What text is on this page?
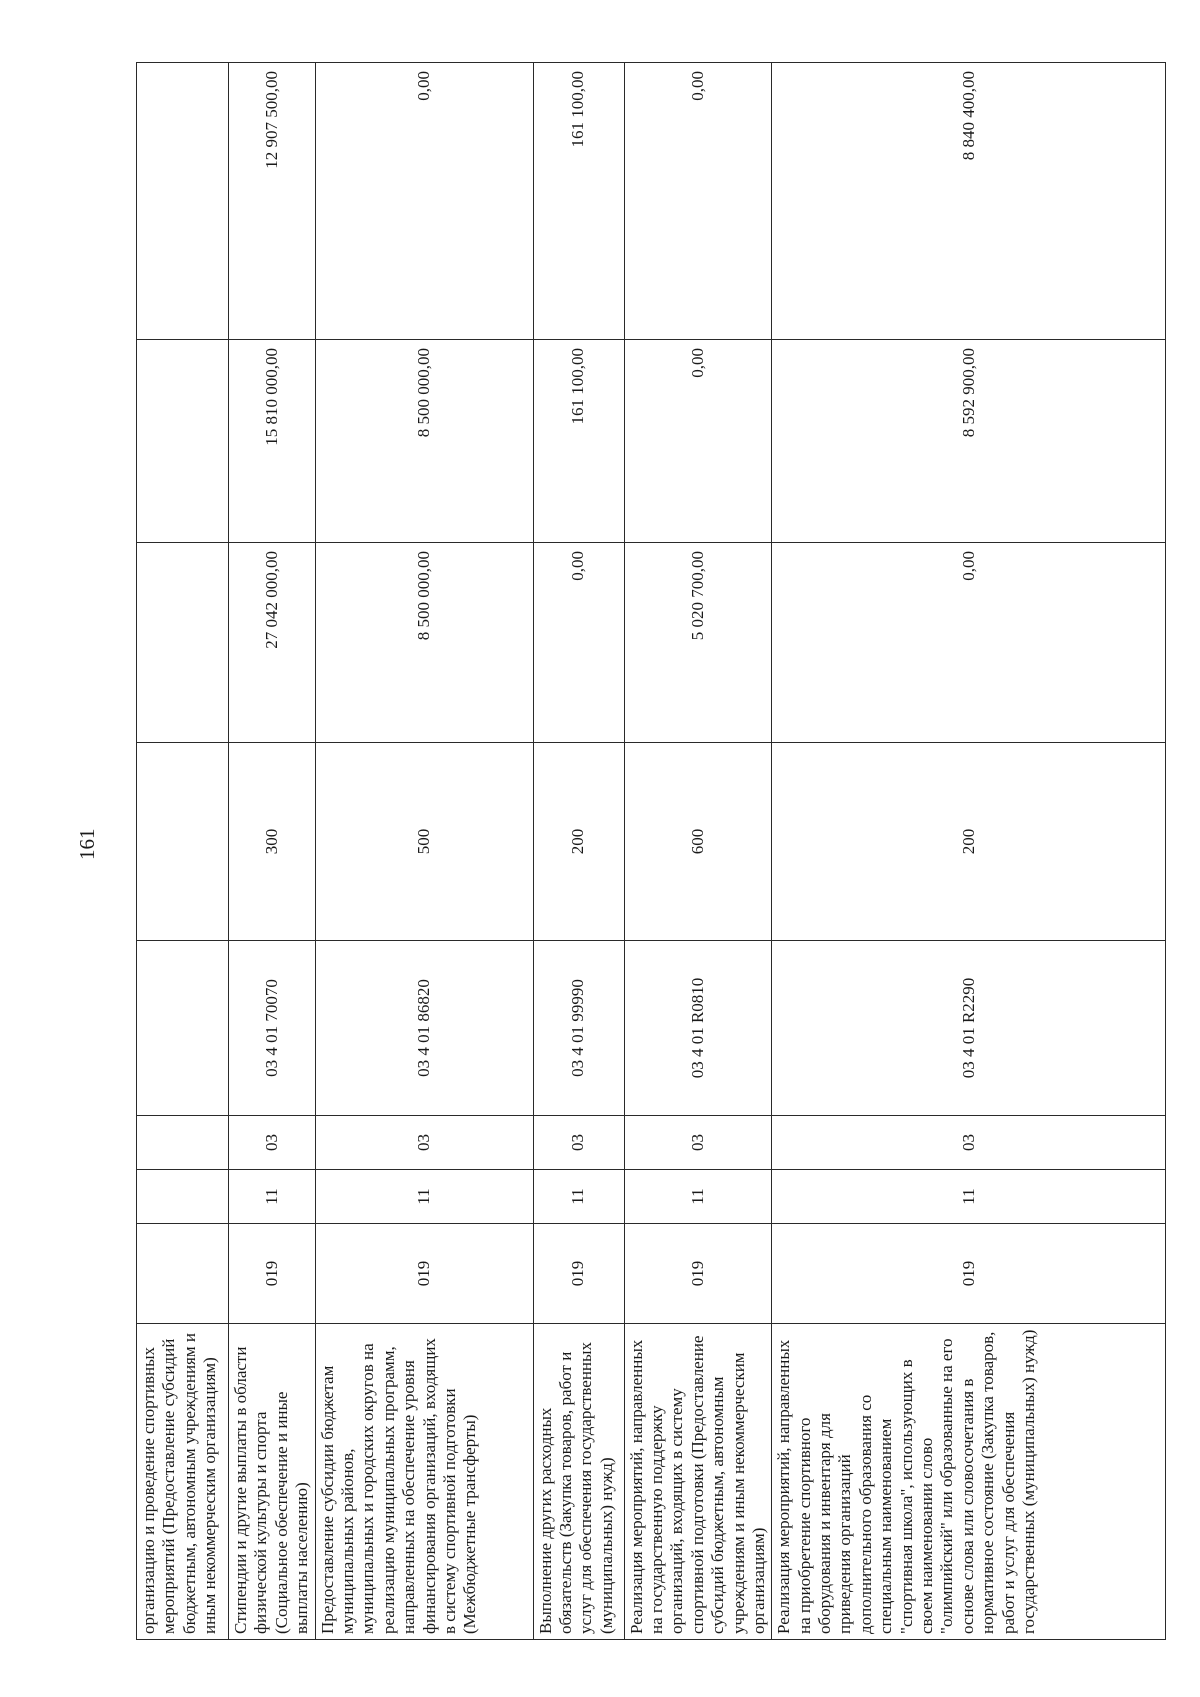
161
организацию и проведение спортивных мероприятий (Предоставление субсидий бюджетным, автономным учреждениям и иным некоммерческим организациям)								
Стипендии и другие выплаты в области физической культуры и спорта (Социальное обеспечение и иные выплаты населению)	019	11	03	03 4 01 70070	300	27 042 000,00	15 810 000,00	12 907 500,00
Предоставление субсидии бюджетам муниципальных районов, муниципальных и городских округов на реализацию муниципальных программ, направленных на обеспечение уровня финансирования организаций, входящих в систему спортивной подготовки (Межбюджетные трансферты)	019	11	03	03 4 01 86820	500	8 500 000,00	8 500 000,00	0,00
Выполнение других расходных обязательств (Закупка товаров, работ и услуг для обеспечения государственных (муниципальных) нужд)	019	11	03	03 4 01 99990	200	0,00	161 100,00	161 100,00
Реализация мероприятий, направленных на государственную поддержку организаций, входящих в систему спортивной подготовки (Предоставление субсидий бюджетным, автономным учреждениям и иным некоммерческим организациям)	019	11	03	03 4 01 R0810	600	5 020 700,00	0,00	0,00
Реализация мероприятий, направленных на приобретение спортивного оборудования и инвентаря для приведения организаций дополнительного образования со специальным наименованием "спортивная школа", использующих в своем наименовании слово "олимпийский" или образованные на его основе слова или словосочетания в нормативное состояние (Закупка товаров, работ и услуг для обеспечения государственных (муниципальных) нужд)	019	11	03	03 4 01 R2290	200	0,00	8 592 900,00	8 840 400,00
